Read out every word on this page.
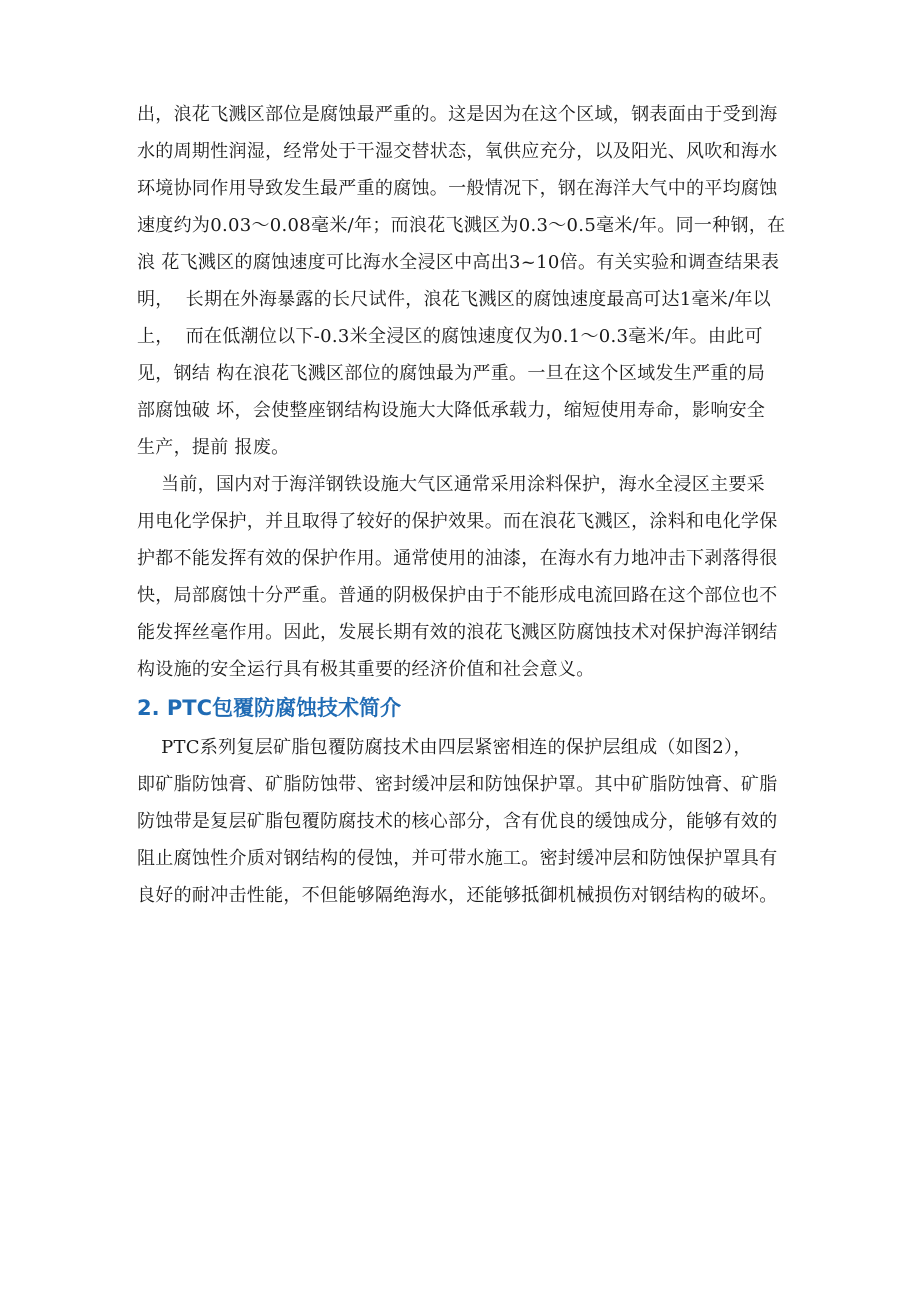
出，浪花飞溅区部位是腐蚀最严重的。这是因为在这个区域，钢表面由于受到海
水的周期性润湿，经常处于干湿交替状态，氧供应充分，以及阳光、风吹和海水
环境协同作用导致发生最严重的腐蚀。一般情况下，钢在海洋大气中的平均腐蚀
速度约为0.03～0.08毫米/年；而浪花飞溅区为0.3～0.5毫米/年。同一种钢，在
浪 花飞溅区的腐蚀速度可比海水全浸区中高出3~10倍。有关实验和调查结果表
明，  长期在外海暴露的长尺试件，浪花飞溅区的腐蚀速度最高可达1毫米/年以
上，  而在低潮位以下-0.3米全浸区的腐蚀速度仅为0.1～0.3毫米/年。由此可
见，钢结 构在浪花飞溅区部位的腐蚀最为严重。一旦在这个区域发生严重的局
部腐蚀破 坏，会使整座钢结构设施大大降低承载力，缩短使用寿命，影响安全
生产，提前 报废。

当前，国内对于海洋钢铁设施大气区通常采用涂料保护，海水全浸区主要采
用电化学保护，并且取得了较好的保护效果。而在浪花飞溅区，涂料和电化学保
护都不能发挥有效的保护作用。通常使用的油漆，在海水有力地冲击下剥落得很
快，局部腐蚀十分严重。普通的阴极保护由于不能形成电流回路在这个部位也不
能发挥丝毫作用。因此，发展长期有效的浪花飞溅区防腐蚀技术对保护海洋钢结
构设施的安全运行具有极其重要的经济价值和社会意义。

2. PTC包覆防腐蚀技术简介

PTC系列复层矿脂包覆防腐技术由四层紧密相连的保护层组成（如图2），
即矿脂防蚀膏、矿脂防蚀带、密封缓冲层和防蚀保护罩。其中矿脂防蚀膏、矿脂
防蚀带是复层矿脂包覆防腐技术的核心部分，含有优良的缓蚀成分，能够有效的
阻止腐蚀性介质对钢结构的侵蚀，并可带水施工。密封缓冲层和防蚀保护罩具有
良好的耐冲击性能，不但能够隔绝海水，还能够抵御机械损伤对钢结构的破坏。
